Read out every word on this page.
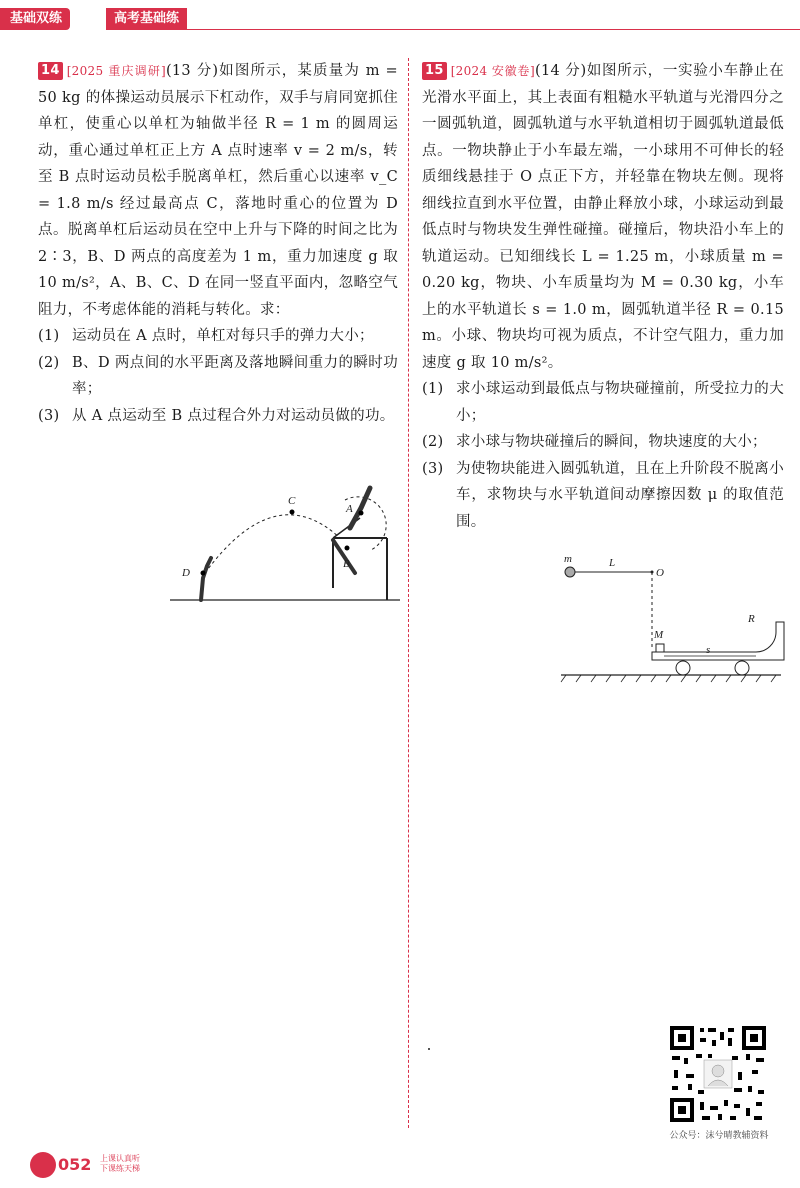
基础双练	高考基础练

14 [2025 重庆调研](13 分)如图所示，某质量为 m = 50 kg 的体操运动员展示下杠动作，双手与肩同宽抓住单杠，使重心以单杠为轴做半径 R = 1 m 的圆周运动，重心通过单杠正上方 A 点时速率 v = 2 m/s，转至 B 点时运动员松手脱离单杠，然后重心以速率 v_C = 1.8 m/s 经过最高点 C，落地时重心的位置为 D 点。脱离单杠后运动员在空中上升与下降的时间之比为 2∶3，B、D 两点的高度差为 1 m，重力加速度 g 取 10 m/s²，A、B、C、D 在同一竖直平面内，忽略空气阻力，不考虑体能的消耗与转化。求：

(1) 运动员在 A 点时，单杠对每只手的弹力大小；
(2) B、D 两点间的水平距离及落地瞬间重力的瞬时功率；
(3) 从 A 点运动至 B 点过程合外力对运动员做的功。
C
A
B
D

15 [2024 安徽卷](14 分)如图所示，一实验小车静止在光滑水平面上，其上表面有粗糙水平轨道与光滑四分之一圆弧轨道，圆弧轨道与水平轨道相切于圆弧轨道最低点。一物块静止于小车最左端，一小球用不可伸长的轻质细线悬挂于 O 点正下方，并轻靠在物块左侧。现将细线拉直到水平位置，由静止释放小球，小球运动到最低点时与物块发生弹性碰撞。碰撞后，物块沿小车上的轨道运动。已知细线长 L = 1.25 m，小球质量 m = 0.20 kg，物块、小车质量均为 M = 0.30 kg，小车上的水平轨道长 s = 1.0 m，圆弧轨道半径 R = 0.15 m。小球、物块均可视为质点，不计空气阻力，重力加速度 g 取 10 m/s²。

(1) 求小球运动到最低点与物块碰撞前，所受拉力的大小；
(2) 求小球与物块碰撞后的瞬间，物块速度的大小；
(3) 为使物块能进入圆弧轨道，且在上升阶段不脱离小车，求物块与水平轨道间动摩擦因数 μ 的取值范围。
m	L
O
M
R
s
公众号：沫兮晴教辅资料
052 上课认真听 下课练天梯
